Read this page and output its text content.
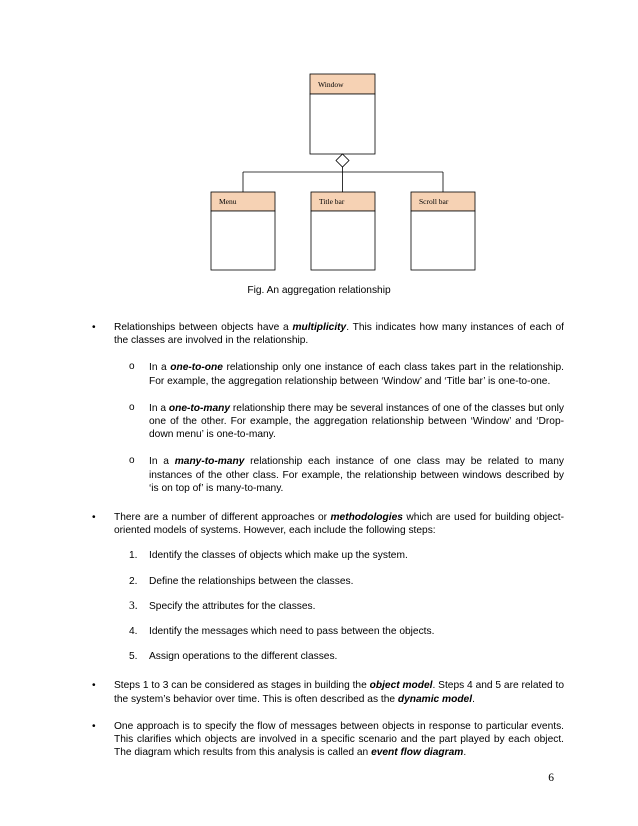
Window
Menu	Title bar	Scroll bar
Fig. An aggregation relationship
• Relationships between objects have a multiplicity. This indicates how many instances of each of the classes are involved in the relationship.
o In a one-to-one relationship only one instance of each class takes part in the relationship. For example, the aggregation relationship between ‘Window’ and ‘Title bar’ is one-to-one.
o In a one-to-many relationship there may be several instances of one of the classes but only one of the other. For example, the aggregation relationship between ‘Window’ and ‘Drop-down menu’ is one-to-many.
o In a many-to-many relationship each instance of one class may be related to many instances of the other class. For example, the relationship between windows described by ‘is on top of’ is many-to-many.
• There are a number of different approaches or methodologies which are used for building object-oriented models of systems. However, each include the following steps:
1. Identify the classes of objects which make up the system.
2. Define the relationships between the classes.
3. Specify the attributes for the classes.
4. Identify the messages which need to pass between the objects.
5. Assign operations to the different classes.
• Steps 1 to 3 can be considered as stages in building the object model. Steps 4 and 5 are related to the system’s behavior over time. This is often described as the dynamic model.
• One approach is to specify the flow of messages between objects in response to particular events. This clarifies which objects are involved in a specific scenario and the part played by each object. The diagram which results from this analysis is called an event flow diagram.
6
